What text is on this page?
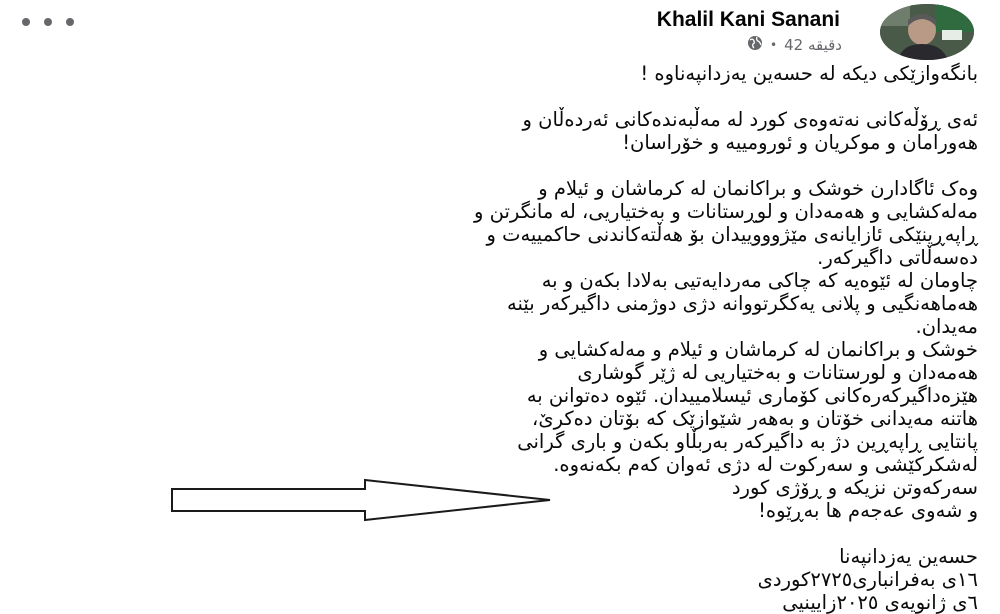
Khalil Kani Sanani
• 42 دقیقە

بانگەوازێکی دیکە لە حسەین یەزدانپەناوە !

ئەی ڕۆڵەکانی نەتەوەی کورد لە مەڵبەندەکانی ئەردەڵان و
هەورامان و موکریان و ئورومییە و خۆراسان!

وەک ئاگادارن خوشک و براکانمان لە کرماشان و ئیلام و
مەلەکشایی و هەمەدان و لوڕستانات و بەختیاریی، لە مانگرتن و
ڕاپەڕینێکی ئازایانەی مێژوووییدان بۆ هەڵتەکاندنی حاکمییەت و
دەسەڵاتی داگیرکەر.
چاومان لە ئێوەیە کە چاکی مەردایەتیی بەلادا بکەن و بە
هەماهەنگیی و پلانی یەکگرتووانە دژی دوژمنی داگیرکەر بێنە
مەیدان.
خوشک و براکانمان لە کرماشان و ئیلام و مەلەکشایی و
هەمەدان و لورستانات و بەختیاریی لە ژێر گوشاری
هێزەداگیرکەرەکانی کۆماری ئیسلامییدان. ئێوە دەتوانن بە
هاتنە مەیدانی خۆتان و بەهەر شێوازێک کە بۆتان دەکرێ،
پانتایی ڕاپەڕین دژ بە داگیرکەر بەربڵاو بکەن و باری گرانی
لەشکرکێشی و سەرکوت لە دژی ئەوان کەم بکەنەوە.
سەرکەوتن نزیکە و ڕۆژی کورد
و شەوی عەجەم ها بەڕێوە!

حسەین یەزدانپەنا
١٦ی بەفرانباری٢٧٢٥کوردی
٦ی ژانویەی ٢٠٢٥زایینیی
